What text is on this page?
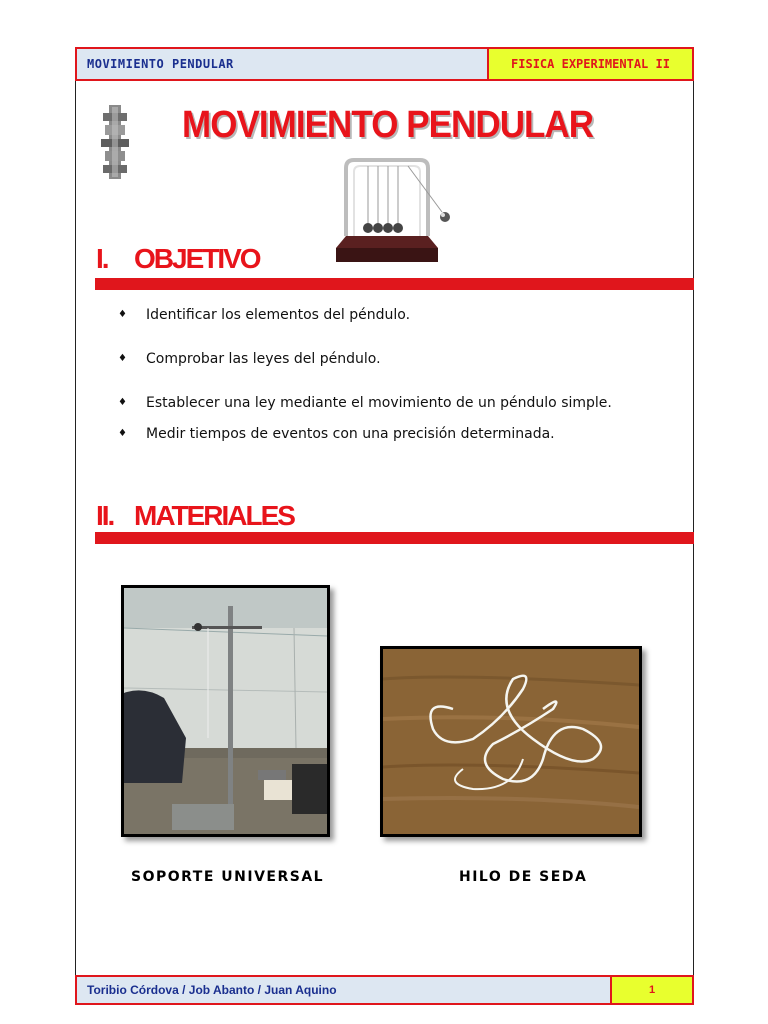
MOVIMIENTO PENDULAR	FISICA EXPERIMENTAL II
MOVIMIENTO PENDULAR
I. OBJETIVO
♦ Identificar los elementos del péndulo.
♦ Comprobar las leyes del péndulo.
♦ Establecer una ley mediante el movimiento de un péndulo simple.
♦ Medir tiempos de eventos con una precisión determinada.
II. MATERIALES
SOPORTE UNIVERSAL	HILO DE SEDA
Toribio Córdova / Job Abanto / Juan Aquino	1
